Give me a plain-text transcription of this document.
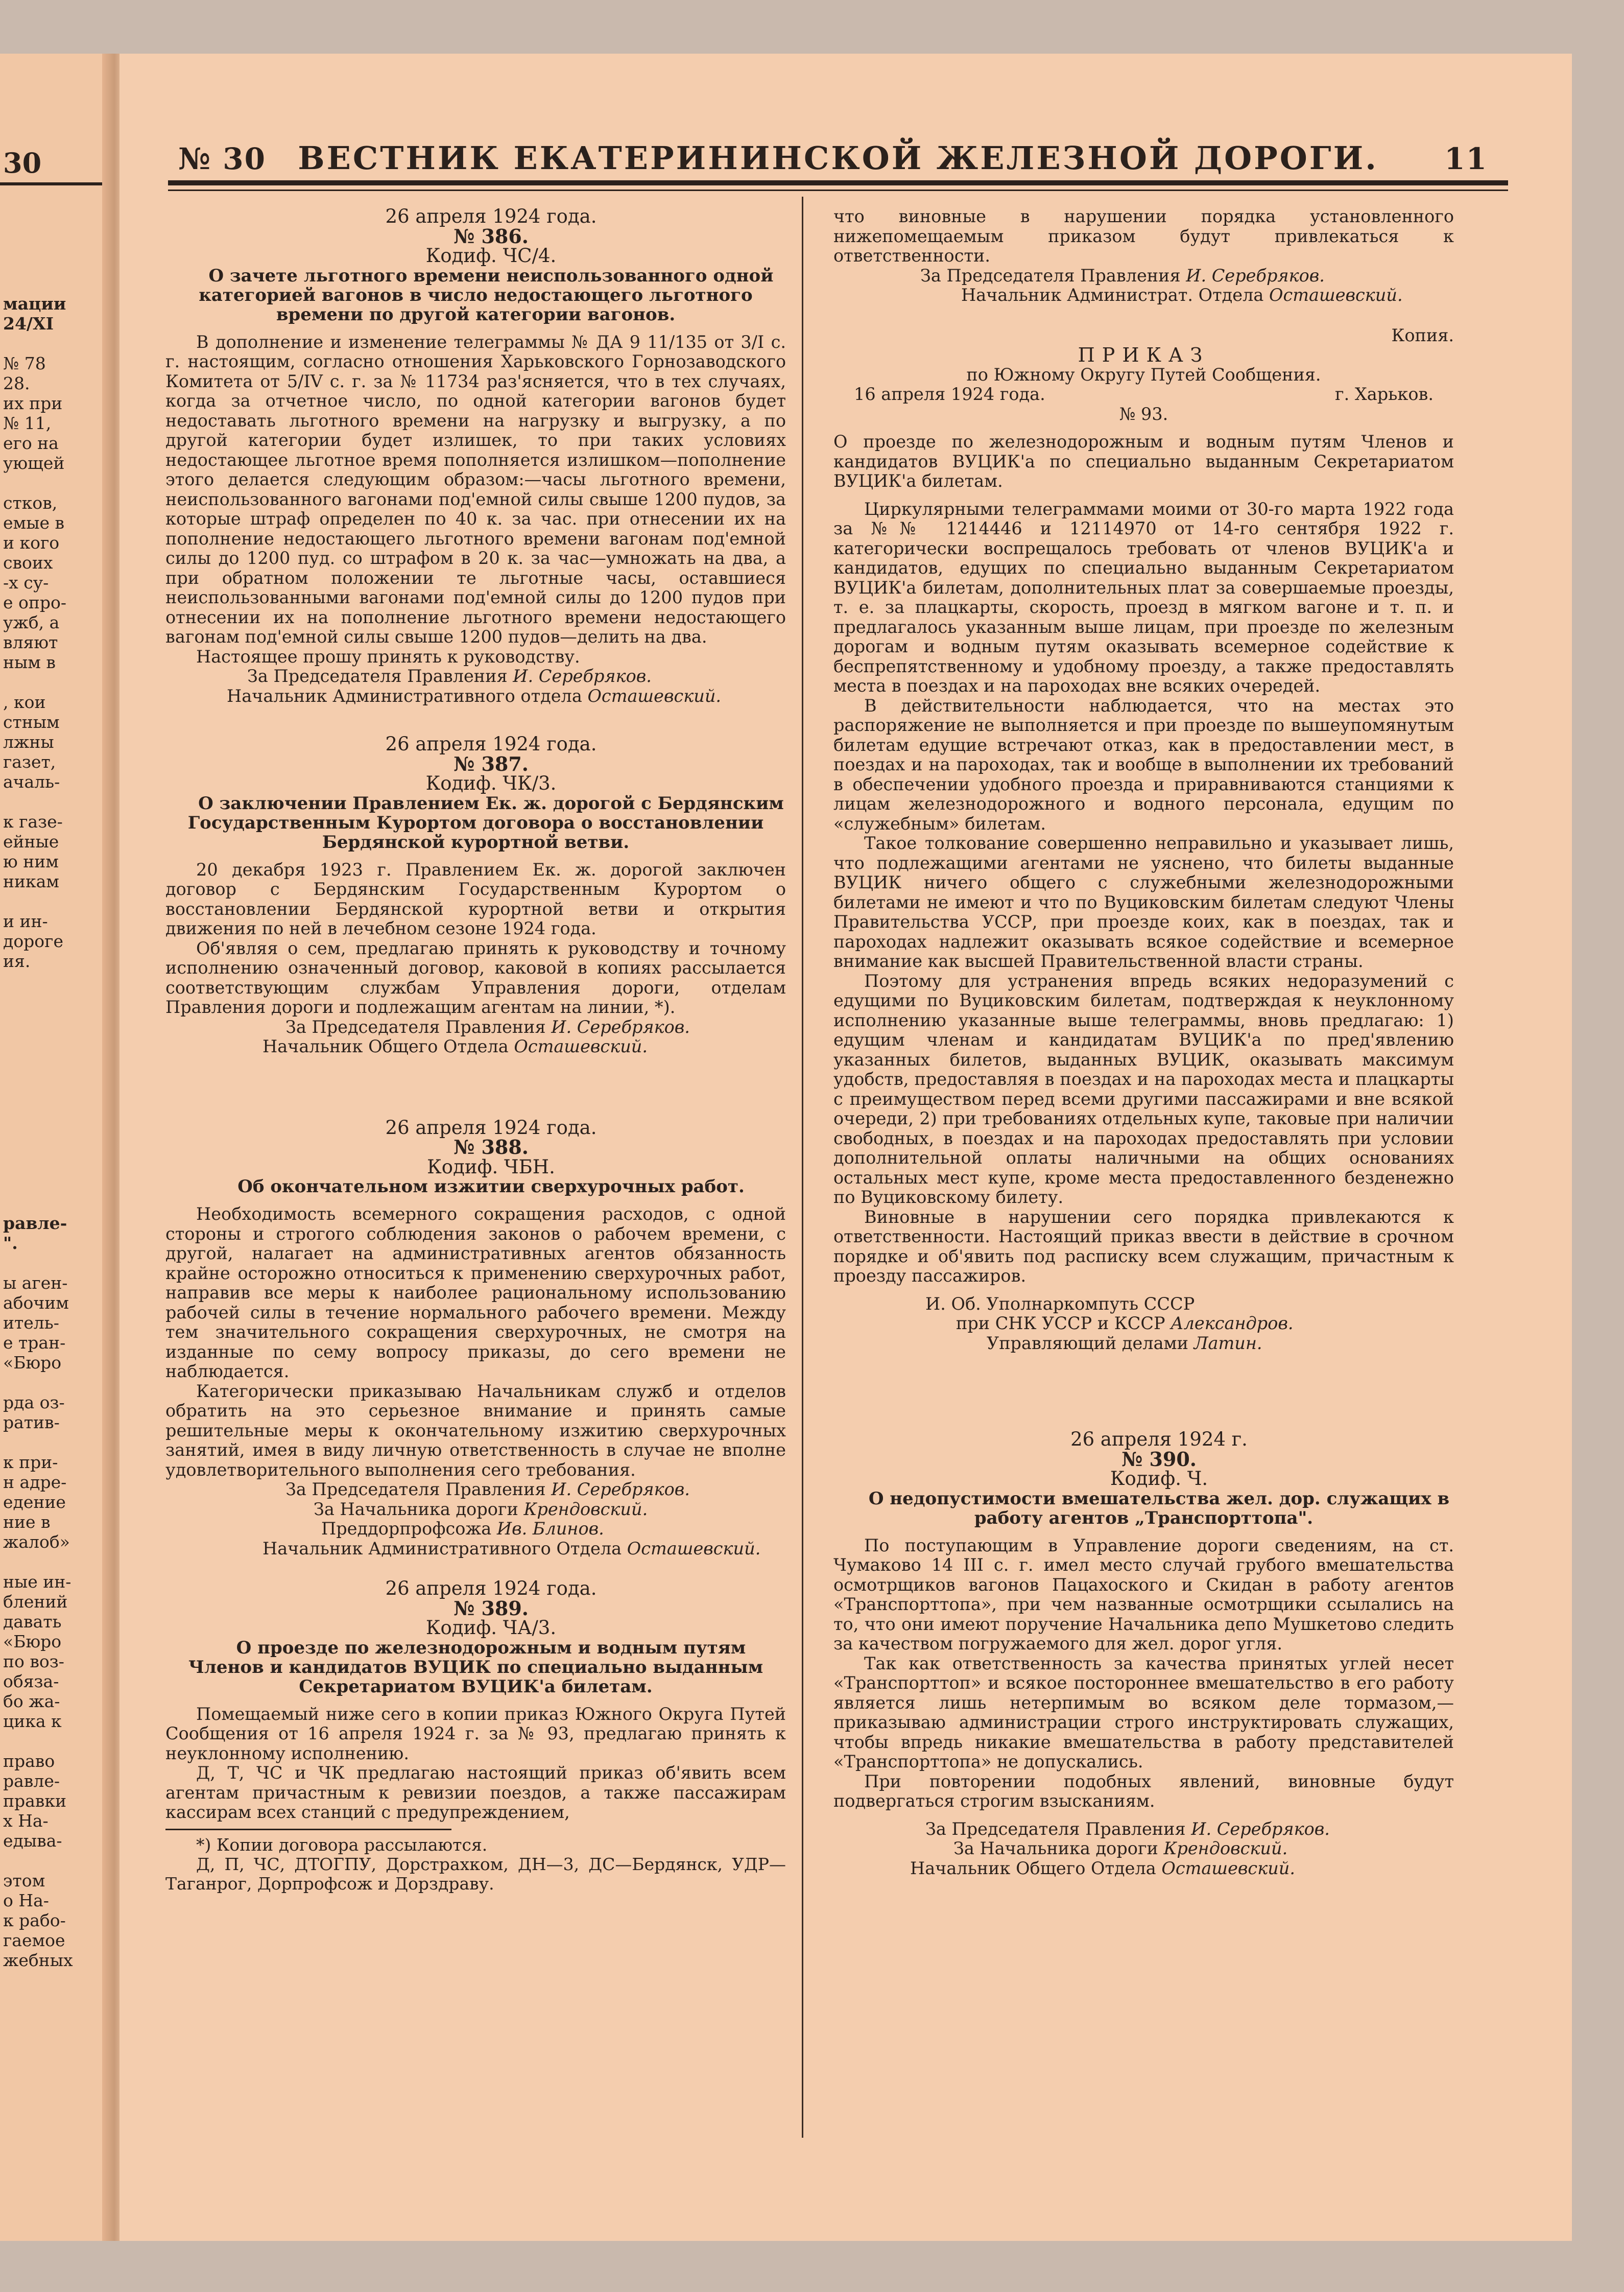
30
мации
24/XI
№ 78
28.
их при
№ 11,
его на
ующей
стков,
емые в
и кого
своих
-х су-
е опро-
ужб, а
вляют
ным в
, кои
стным
лжны
газет,
ачаль-
к газе-
ейные
ю ним
никам
и ин-
дороге
ия.
равле-
".
ы аген-
абочим
итель-
е тран-
«Бюро
рда оз-
ратив-
к при-
н адре-
едение
ние в
жалоб»
ные ин-
блений
давать
«Бюро
по воз-
обяза-
бо жа-
цика к
право
равле-
правки
х На-
едыва-
этом
о На-
к рабо-
гаемое
жебных
№ 30	ВЕСТНИК ЕКАТЕРИНИНСКОЙ ЖЕЛЕЗНОЙ ДОРОГИ.	11

26 апреля 1924 года.

№ 386.

Кодиф. ЧС/4.

О зачете льготного времени неиспользованного одной категорией вагонов в число недостающего льготного времени по другой категории вагонов.

В дополнение и изменение телеграммы № ДА 9 11/135 от 3/I с. г. настоящим, согласно отношения Харьковского Горнозаводского Комитета от 5/IV с. г. за № 11734 раз'ясняется, что в тех случаях, когда за отчетное число, по одной категории вагонов будет недоставать льготного времени на нагрузку и выгрузку, а по другой категории будет излишек, то при таких условиях недостающее льготное время пополняется излишком—пополнение этого делается следующим образом:—часы льготного времени, неиспользованного вагонами под'емной силы свыше 1200 пудов, за которые штраф определен по 40 к. за час. при отнесении их на пополнение недостающего льготного времени вагонам под'емной силы до 1200 пуд. со штрафом в 20 к. за час—умножать на два, а при обратном положении те льготные часы, оставшиеся неиспользованными вагонами под'емной силы до 1200 пудов при отнесении их на пополнение льготного времени недостающего вагонам под'емной силы свыше 1200 пудов—делить на два.

Настоящее прошу принять к руководству.

За Председателя Правления И. Серебряков.

Начальник Административного отдела Осташевский.

26 апреля 1924 года.

№ 387.

Кодиф. ЧК/3.

О заключении Правлением Ек. ж. дорогой с Бердянским Государственным Курортом договора о восстановлении Бердянской курортной ветви.

20 декабря 1923 г. Правлением Ек. ж. дорогой заключен договор с Бердянским Государственным Курортом о восстановлении Бердянской курортной ветви и открытия движения по ней в лечебном сезоне 1924 года.

Об'являя о сем, предлагаю принять к руководству и точному исполнению означенный договор, каковой в копиях рассылается соответствующим службам Управления дороги, отделам Правления дороги и подлежащим агентам на линии, *).

За Председателя Правления И. Серебряков.

Начальник Общего Отдела Осташевский.

26 апреля 1924 года.

№ 388.

Кодиф. ЧБН.

Об окончательном изжитии сверхурочных работ.

Необходимость всемерного сокращения расходов, с одной стороны и строгого соблюдения законов о рабочем времени, с другой, налагает на административных агентов обязанность крайне осторожно относиться к применению сверхурочных работ, направив все меры к наиболее рациональному использованию рабочей силы в течение нормального рабочего времени. Между тем значительного сокращения сверхурочных, не смотря на изданные по сему вопросу приказы, до сего времени не наблюдается.

Категорически приказываю Начальникам служб и отделов обратить на это серьезное внимание и принять самые решительные меры к окончательному изжитию сверхурочных занятий, имея в виду личную ответственность в случае не вполне удовлетворительного выполнения сего требования.

За Председателя Правления И. Серебряков.

За Начальника дороги Крендовский.

Преддорпрофсожа Ив. Блинов.

Начальник Административного Отдела Осташевский.

26 апреля 1924 года.

№ 389.

Кодиф. ЧА/3.

О проезде по железнодорожным и водным путям Членов и кандидатов ВУЦИК по специально выданным Секретариатом ВУЦИК'а билетам.

Помещаемый ниже сего в копии приказ Южного Округа Путей Сообщения от 16 апреля 1924 г. за № 93, предлагаю принять к неуклонному исполнению.

Д, Т, ЧС и ЧК предлагаю настоящий приказ об'явить всем агентам причастным к ревизии поездов, а также пассажирам кассирам всех станций с предупреждением,

*) Копии договора рассылаются.

Д, П, ЧС, ДТОГПУ, Дорстрахком, ДН—3, ДС—Бердянск, УДР—Таганрог, Дорпрофсож и Дорздраву.

что виновные в нарушении порядка установленного нижепомещаемым приказом будут привлекаться к ответственности.

За Председателя Правления И. Серебряков.

Начальник Администрат. Отдела Осташевский.

Копия.

ПРИКАЗ

по Южному Округу Путей Сообщения.

16 апреля 1924 года.	г. Харьков.

№ 93.

О проезде по железнодорожным и водным путям Членов и кандидатов ВУЦИК'а по специально выданным Секретариатом ВУЦИК'а билетам.

Циркулярными телеграммами моими от 30-го марта 1922 года за №№ 1214446 и 12114970 от 14-го сентября 1922 г. категорически воспрещалось требовать от членов ВУЦИК'а и кандидатов, едущих по специально выданным Секретариатом ВУЦИК'а билетам, дополнительных плат за совершаемые проезды, т. е. за плацкарты, скорость, проезд в мягком вагоне и т. п. и предлагалось указанным выше лицам, при проезде по железным дорогам и водным путям оказывать всемерное содействие к беспрепятственному и удобному проезду, а также предоставлять места в поездах и на пароходах вне всяких очередей.

В действительности наблюдается, что на местах это распоряжение не выполняется и при проезде по вышеупомянутым билетам едущие встречают отказ, как в предоставлении мест, в поездах и на пароходах, так и вообще в выполнении их требований в обеспечении удобного проезда и приравниваются станциями к лицам железнодорожного и водного персонала, едущим по «служебным» билетам.

Такое толкование совершенно неправильно и указывает лишь, что подлежащими агентами не уяснено, что билеты выданные ВУЦИК ничего общего с служебными железнодорожными билетами не имеют и что по Вуциковским билетам следуют Члены Правительства УССР, при проезде коих, как в поездах, так и пароходах надлежит оказывать всякое содействие и всемерное внимание как высшей Правительственной власти страны.

Поэтому для устранения впредь всяких недоразумений с едущими по Вуциковским билетам, подтверждая к неуклонному исполнению указанные выше телеграммы, вновь предлагаю: 1) едущим членам и кандидатам ВУЦИК'а по пред'явлению указанных билетов, выданных ВУЦИК, оказывать максимум удобств, предоставляя в поездах и на пароходах места и плацкарты с преимуществом перед всеми другими пассажирами и вне всякой очереди, 2) при требованиях отдельных купе, таковые при наличии свободных, в поездах и на пароходах предоставлять при условии дополнительной оплаты наличными на общих основаниях остальных мест купе, кроме места предоставленного безденежно по Вуциковскому билету.

Виновные в нарушении сего порядка привлекаются к ответственности. Настоящий приказ ввести в действие в срочном порядке и об'явить под расписку всем служащим, причастным к проезду пассажиров.

И. Об. Уполнаркомпуть СССР

при СНК УССР и КССР Александров.

Управляющий делами Латин.

26 апреля 1924 г.

№ 390.

Кодиф. Ч.

О недопустимости вмешательства жел. дор. служащих в работу агентов „Транспорттопа".

По поступающим в Управление дороги сведениям, на ст. Чумаково 14 III с. г. имел место случай грубого вмешательства осмотрщиков вагонов Пацахоского и Скидан в работу агентов «Транспорттопа», при чем названные осмотрщики ссылались на то, что они имеют поручение Начальника депо Мушкетово следить за качеством погружаемого для жел. дорог угля.

Так как ответственность за качества принятых углей несет «Транспорттоп» и всякое постороннее вмешательство в его работу является лишь нетерпимым во всяком деле тормазом,—приказываю администрации строго инструктировать служащих, чтобы впредь никакие вмешательства в работу представителей «Транспорттопа» не допускались.

При повторении подобных явлений, виновные будут подвергаться строгим взысканиям.

За Председателя Правления И. Серебряков.

За Начальника дороги Крендовский.

Начальник Общего Отдела Осташевский.
